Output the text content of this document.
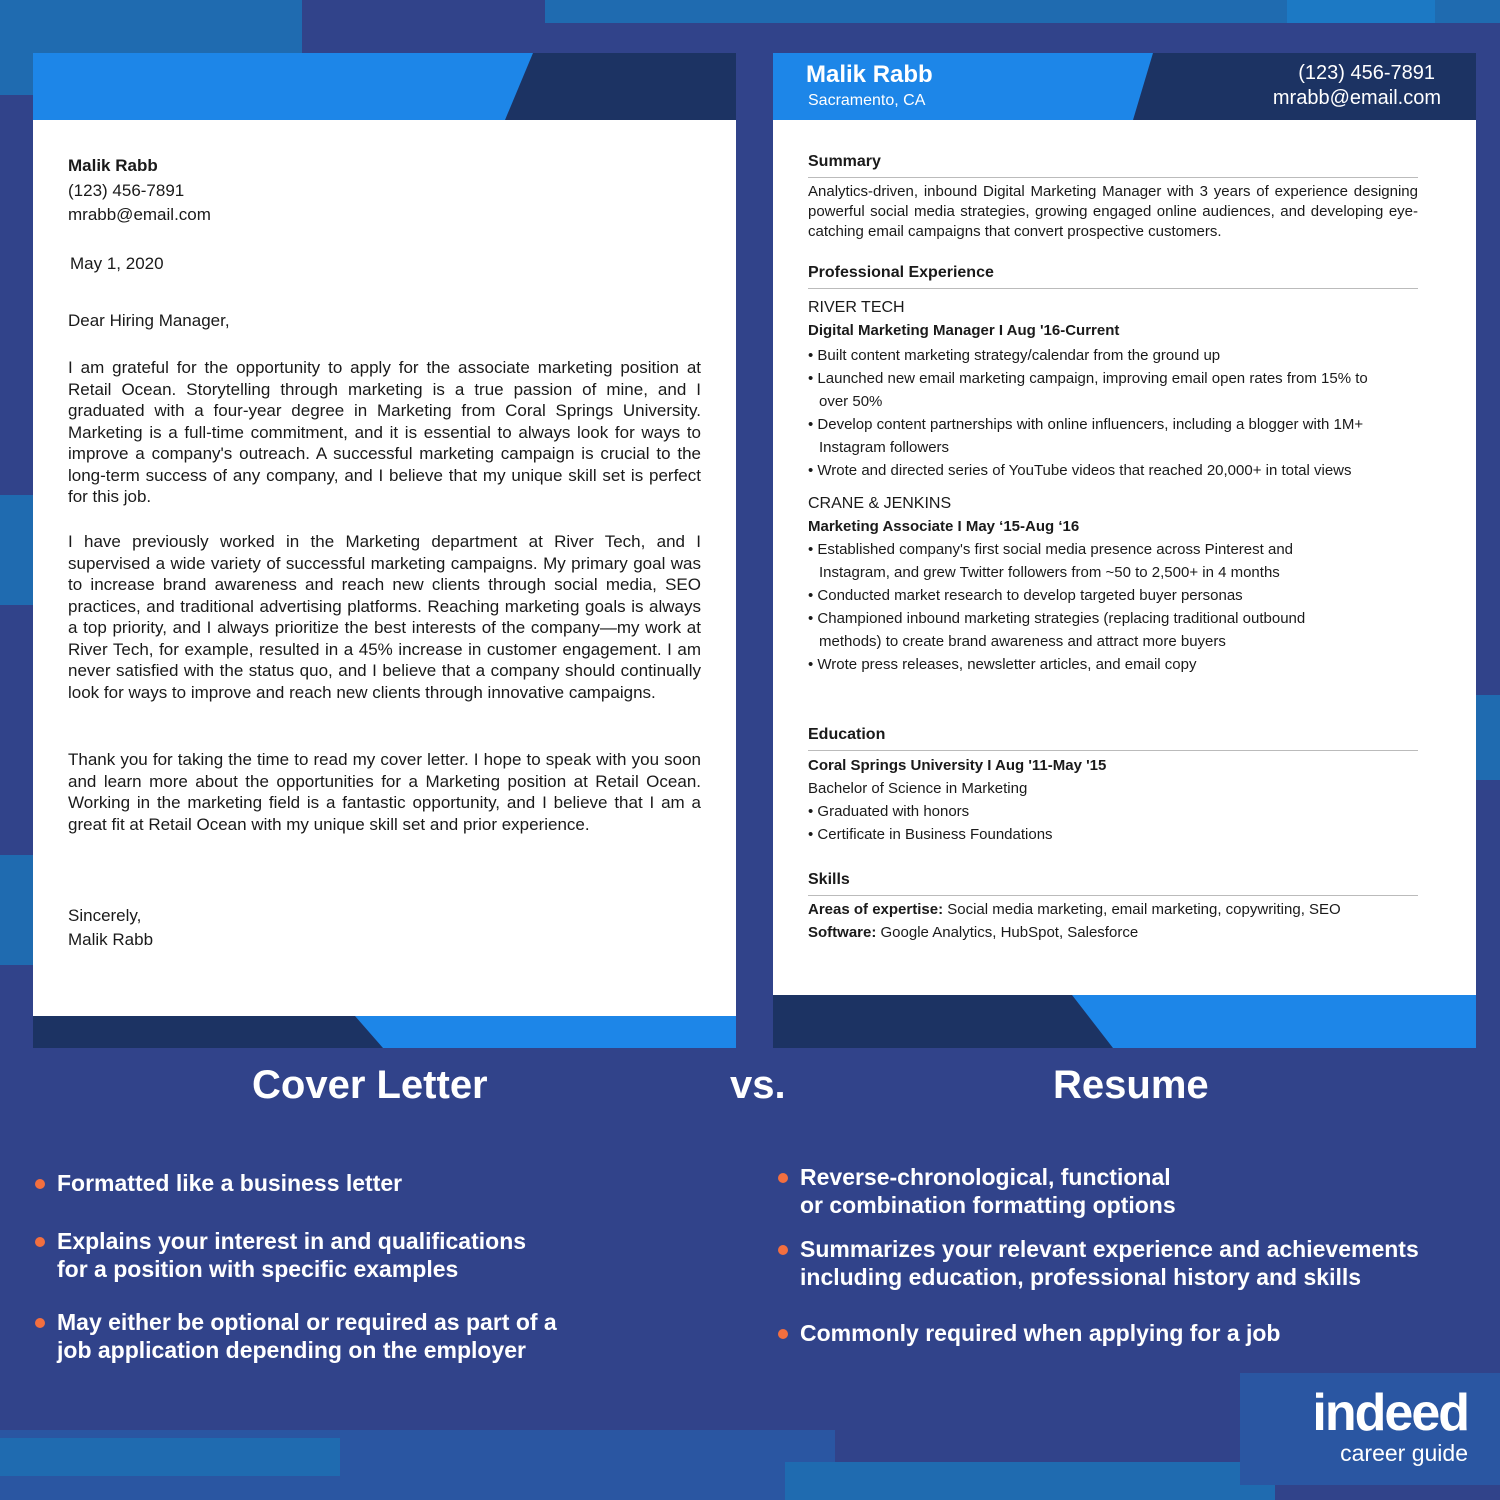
Malik Rabb
(123) 456-7891
mrabb@email.com
May 1, 2020
Dear Hiring Manager,
I am grateful for the opportunity to apply for the associate marketing position at Retail Ocean. Storytelling through marketing is a true passion of mine, and I graduated with a four-year degree in Marketing from Coral Springs University. Marketing is a full-time commitment, and it is essential to always look for ways to improve a company's outreach. A successful marketing campaign is crucial to the long-term success of any company, and I believe that my unique skill set is perfect for this job.
I have previously worked in the Marketing department at River Tech, and I supervised a wide variety of successful marketing campaigns. My primary goal was to increase brand awareness and reach new clients through social media, SEO practices, and traditional advertising platforms. Reaching marketing goals is always a top priority, and I always prioritize the best interests of the company—my work at River Tech, for example, resulted in a 45% increase in customer engagement. I am never satisfied with the status quo, and I believe that a company should continually look for ways to improve and reach new clients through innovative campaigns.
Thank you for taking the time to read my cover letter. I hope to speak with you soon and learn more about the opportunities for a Marketing position at Retail Ocean. Working in the marketing field is a fantastic opportunity, and I believe that I am a great fit at Retail Ocean with my unique skill set and prior experience.
Sincerely,
Malik Rabb
Malik Rabb
Sacramento, CA
(123) 456-7891
mrabb@email.com
Summary
Analytics-driven, inbound Digital Marketing Manager with 3 years of experience designing powerful social media strategies, growing engaged online audiences, and developing eye-catching email campaigns that convert prospective customers.
Professional Experience
RIVER TECH
Digital Marketing Manager I Aug '16-Current
• Built content marketing strategy/calendar from the ground up
• Launched new email marketing campaign, improving email open rates from 15% to over 50%
• Develop content partnerships with online influencers, including a blogger with 1M+ Instagram followers
• Wrote and directed series of YouTube videos that reached 20,000+ in total views
CRANE & JENKINS
Marketing Associate I May ‘15-Aug ‘16
• Established company's first social media presence across Pinterest and Instagram, and grew Twitter followers from ~50 to 2,500+ in 4 months
• Conducted market research to develop targeted buyer personas
• Championed inbound marketing strategies (replacing traditional outbound methods) to create brand awareness and attract more buyers
• Wrote press releases, newsletter articles, and email copy
Education
Coral Springs University I Aug '11-May '15
Bachelor of Science in Marketing
• Graduated with honors
• Certificate in Business Foundations
Skills
Areas of expertise: Social media marketing, email marketing, copywriting, SEO
Software: Google Analytics, HubSpot, Salesforce
Cover Letter	vs.	Resume
Formatted like a business letter
Explains your interest in and qualifications for a position with specific examples
May either be optional or required as part of a job application depending on the employer
Reverse-chronological, functional or combination formatting options
Summarizes your relevant experience and achievements including education, professional history and skills
Commonly required when applying for a job
indeed
career guide
